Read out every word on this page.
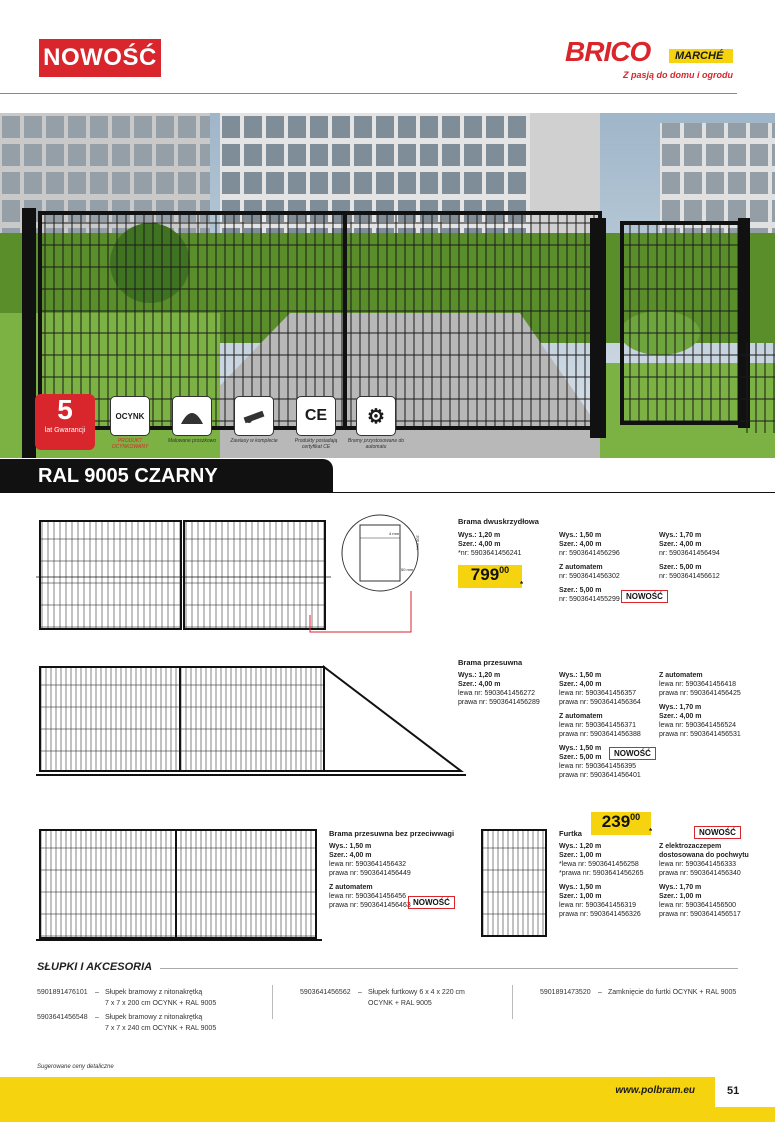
NOWOŚĆ	BRICO	MARCHÉ
Z pasją do domu i ogrodu
5
lat Gwarancji
OCYNK
PRODUKT OCYNKOWANY
Malowane proszkowo	Zawiasy w komplecie
CE
Produkty posiadają certyfikat CE
⚙
Bramy przystosowane do automatu
RAL 9005 CZARNY
4 mm
200 mm
50 mm
Brama dwuskrzydłowa
Wys.: 1,20 m
Szer.: 4,00 m
*nr: 5903641456241
799 00
*
Wys.: 1,50 m
Szer.: 4,00 m
nr: 5903641456296
Z automatem
nr: 5903641456302
Szer.: 5,00 m
nr: 5903641455299 NOWOŚĆ
Wys.: 1,70 m
Szer.: 4,00 m
nr: 5903641456494
Szer.: 5,00 m
nr: 5903641456612
Brama przesuwna
Wys.: 1,20 m
Szer.: 4,00 m
lewa nr: 5903641456272
prawa nr: 5903641456289
Wys.: 1,50 m
Szer.: 4,00 m
lewa nr: 5903641456357
prawa nr: 5903641456364
Z automatem
lewa nr: 5903641456371
prawa nr: 5903641456388
Wys.: 1,50 m
Szer.: 5,00 m
lewa nr: 5903641456395
prawa nr: 5903641456401
NOWOŚĆ
Z automatem
lewa nr: 5903641456418
prawa nr: 5903641456425
Wys.: 1,70 m
Szer.: 4,00 m
lewa nr: 5903641456524
prawa nr: 5903641456531
Brama przesuwna bez przeciwwagi
Wys.: 1,50 m
Szer.: 4,00 m
lewa nr: 5903641456432
prawa nr: 5903641456449
Z automatem
lewa nr: 5903641456456
prawa nr: 5903641456463 NOWOŚĆ
Furtka
239 00
*	NOWOŚĆ
Wys.: 1,20 m
Szer.: 1,00 m
*lewa nr: 5903641456258
*prawa nr: 5903641456265
Wys.: 1,50 m
Szer.: 1,00 m
lewa nr: 5903641456319
prawa nr: 5903641456326
Z elektrozaczepem
dostosowana do pochwytu
lewa nr: 5903641456333
prawa nr: 5903641456340
Wys.: 1,70 m
Szer.: 1,00 m
lewa nr: 5903641456500
prawa nr: 5903641456517
SŁUPKI I AKCESORIA
5901891476101	– Słupek bramowy z nitonakrętką
7 x 7 x 200 cm OCYNK + RAL 9005
5903641456548	– Słupek bramowy z nitonakrętką
7 x 7 x 240 cm OCYNK + RAL 9005
5903641456562	– Słupek furtkowy 6 x 4 x 220 cm
OCYNK + RAL 9005
5901891473520	– Zamknięcie do furtki OCYNK + RAL 9005
Sugerowane ceny detaliczne
www.polbram.eu	51
